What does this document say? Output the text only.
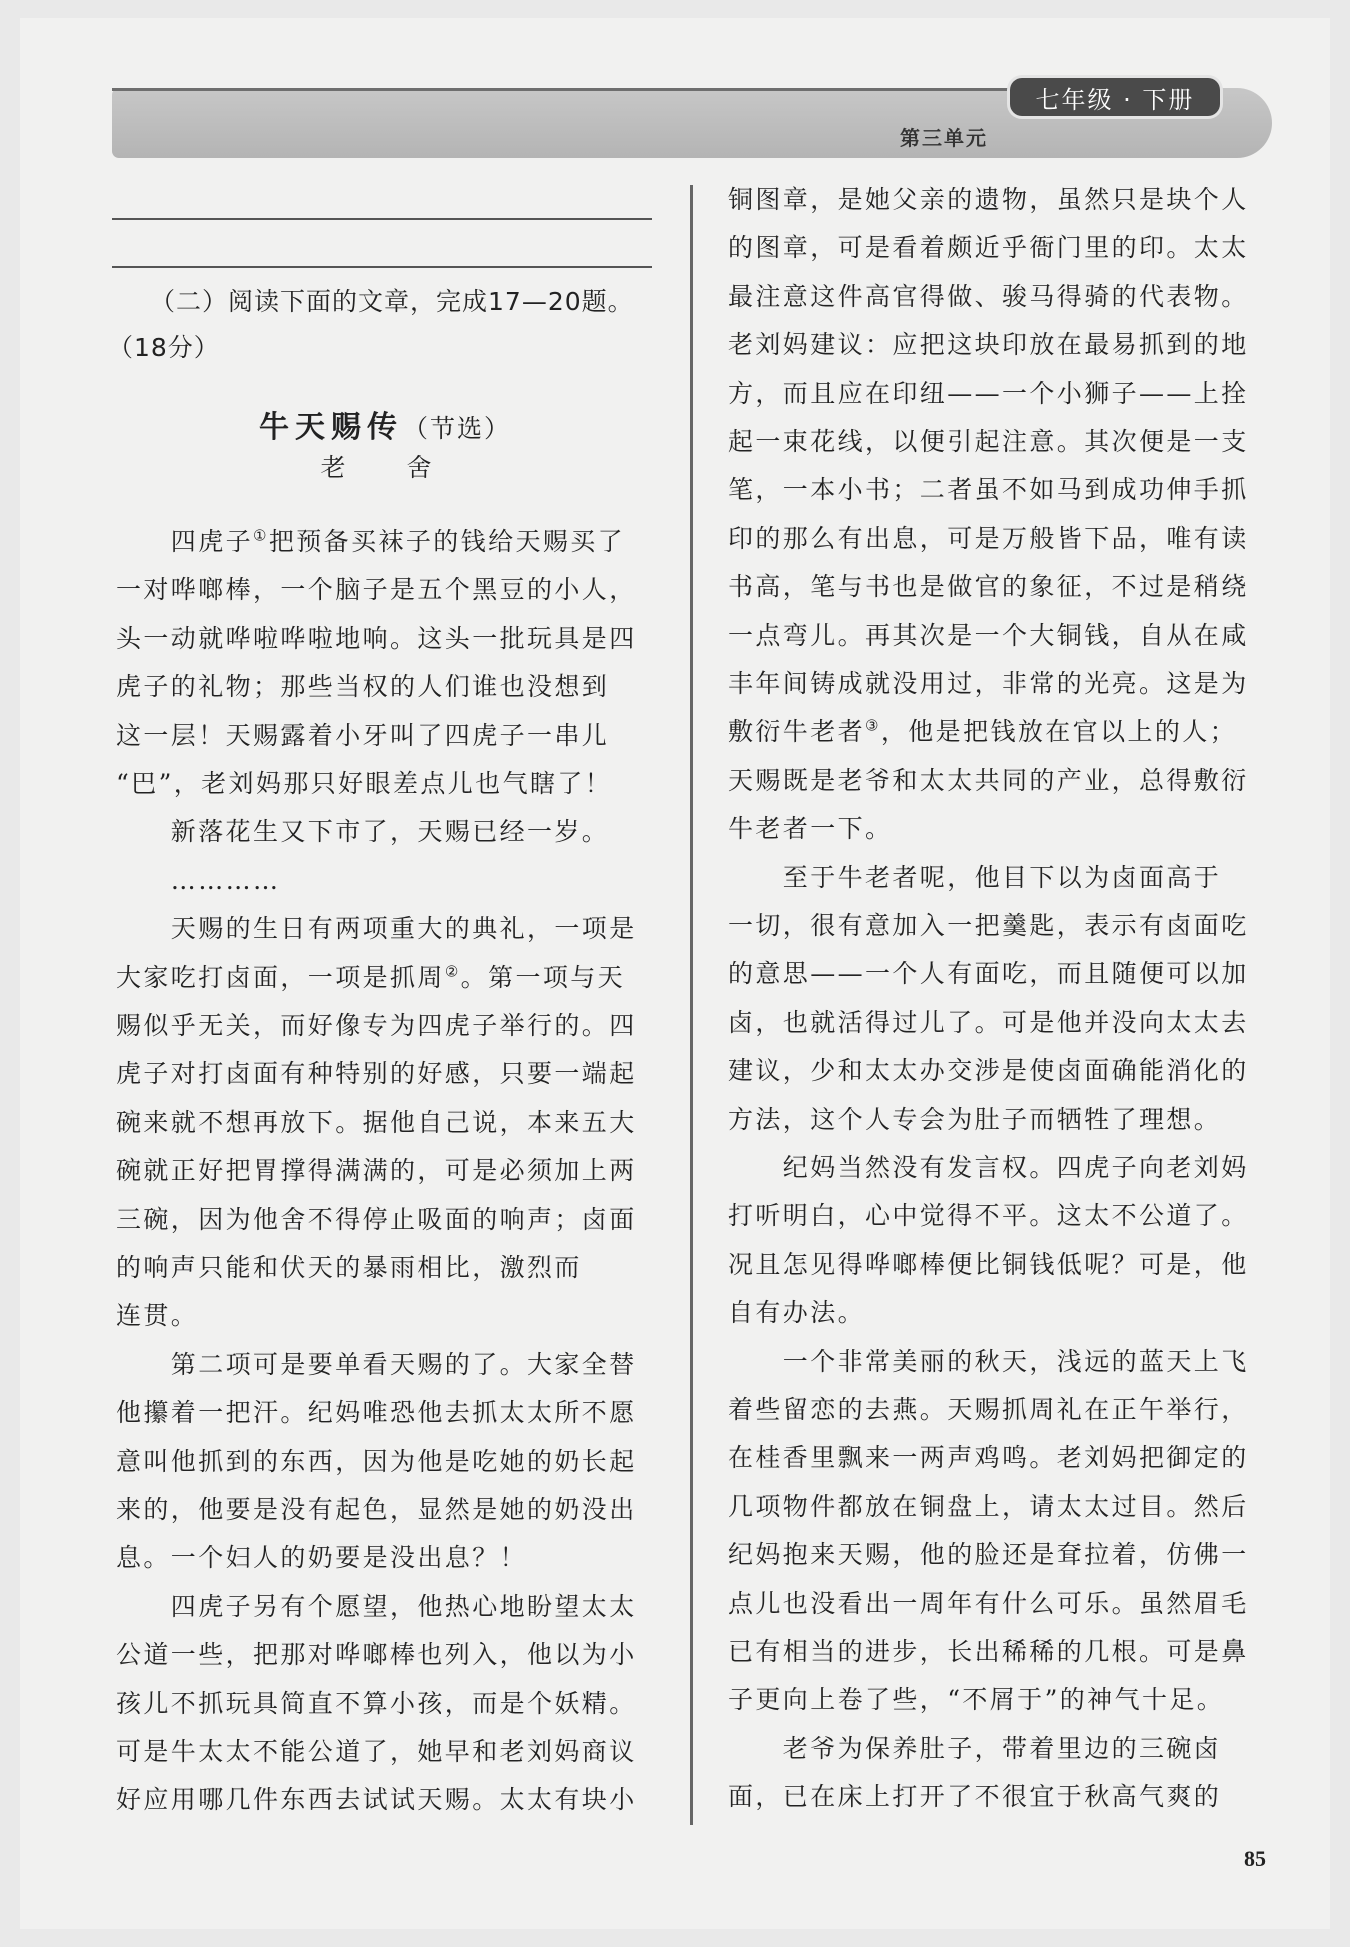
七年级 · 下册
第三单元
（二）阅读下面的文章，完成17—20题。
（18分）
牛天赐传（节选）
老　舍
　　四虎子①把预备买袜子的钱给天赐买了
一对哗啷棒，一个脑子是五个黑豆的小人，
头一动就哗啦哗啦地响。这头一批玩具是四
虎子的礼物；那些当权的人们谁也没想到
这一层！天赐露着小牙叫了四虎子一串儿
“巴”，老刘妈那只好眼差点儿也气瞎了！
　　新落花生又下市了，天赐已经一岁。
　　…………
　　天赐的生日有两项重大的典礼，一项是
大家吃打卤面，一项是抓周②。第一项与天
赐似乎无关，而好像专为四虎子举行的。四
虎子对打卤面有种特别的好感，只要一端起
碗来就不想再放下。据他自己说，本来五大
碗就正好把胃撑得满满的，可是必须加上两
三碗，因为他舍不得停止吸面的响声；卤面
的响声只能和伏天的暴雨相比，激烈而
连贯。
　　第二项可是要单看天赐的了。大家全替
他攥着一把汗。纪妈唯恐他去抓太太所不愿
意叫他抓到的东西，因为他是吃她的奶长起
来的，他要是没有起色，显然是她的奶没出
息。一个妇人的奶要是没出息？！
　　四虎子另有个愿望，他热心地盼望太太
公道一些，把那对哗啷棒也列入，他以为小
孩儿不抓玩具简直不算小孩，而是个妖精。
可是牛太太不能公道了，她早和老刘妈商议
好应用哪几件东西去试试天赐。太太有块小
铜图章，是她父亲的遗物，虽然只是块个人
的图章，可是看着颇近乎衙门里的印。太太
最注意这件高官得做、骏马得骑的代表物。
老刘妈建议：应把这块印放在最易抓到的地
方，而且应在印纽——一个小狮子——上拴
起一束花线，以便引起注意。其次便是一支
笔，一本小书；二者虽不如马到成功伸手抓
印的那么有出息，可是万般皆下品，唯有读
书高，笔与书也是做官的象征，不过是稍绕
一点弯儿。再其次是一个大铜钱，自从在咸
丰年间铸成就没用过，非常的光亮。这是为
敷衍牛老者③，他是把钱放在官以上的人；
天赐既是老爷和太太共同的产业，总得敷衍
牛老者一下。
　　至于牛老者呢，他目下以为卤面高于
一切，很有意加入一把羹匙，表示有卤面吃
的意思——一个人有面吃，而且随便可以加
卤，也就活得过儿了。可是他并没向太太去
建议，少和太太办交涉是使卤面确能消化的
方法，这个人专会为肚子而牺牲了理想。
　　纪妈当然没有发言权。四虎子向老刘妈
打听明白，心中觉得不平。这太不公道了。
况且怎见得哗啷棒便比铜钱低呢？可是，他
自有办法。
　　一个非常美丽的秋天，浅远的蓝天上飞
着些留恋的去燕。天赐抓周礼在正午举行，
在桂香里飘来一两声鸡鸣。老刘妈把御定的
几项物件都放在铜盘上，请太太过目。然后
纪妈抱来天赐，他的脸还是耷拉着，仿佛一
点儿也没看出一周年有什么可乐。虽然眉毛
已有相当的进步，长出稀稀的几根。可是鼻
子更向上卷了些，“不屑于”的神气十足。
　　老爷为保养肚子，带着里边的三碗卤
面，已在床上打开了不很宜于秋高气爽的
85
